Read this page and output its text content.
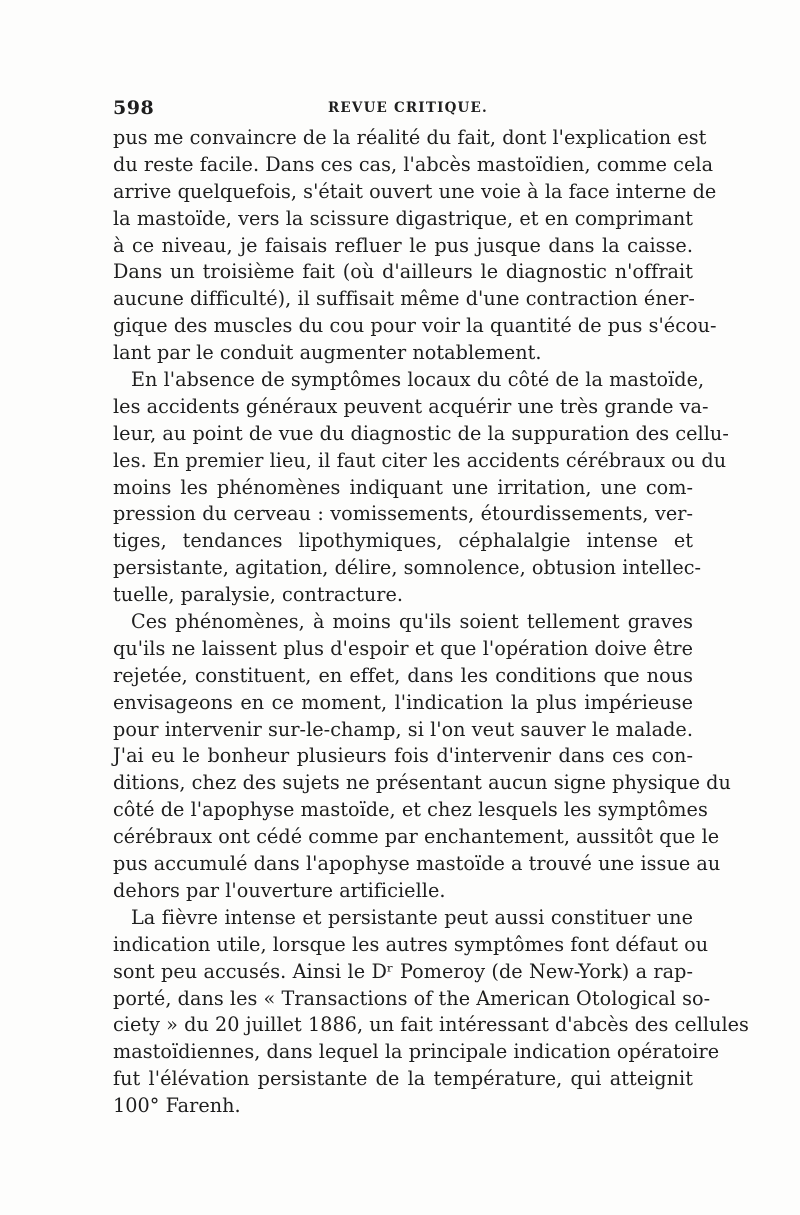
598	REVUE CRITIQUE.
pus me convaincre de la réalité du fait, dont l'explication est
du reste facile. Dans ces cas, l'abcès mastoïdien, comme cela
arrive quelquefois, s'était ouvert une voie à la face interne de
la mastoïde, vers la scissure digastrique, et en comprimant
à ce niveau, je faisais refluer le pus jusque dans la caisse.
Dans un troisième fait (où d'ailleurs le diagnostic n'offrait
aucune difficulté), il suffisait même d'une contraction éner-
gique des muscles du cou pour voir la quantité de pus s'écou-
lant par le conduit augmenter notablement.
En l'absence de symptômes locaux du côté de la mastoïde,
les accidents généraux peuvent acquérir une très grande va-
leur, au point de vue du diagnostic de la suppuration des cellu-
les. En premier lieu, il faut citer les accidents cérébraux ou du
moins les phénomènes indiquant une irritation, une com-
pression du cerveau : vomissements, étourdissements, ver-
tiges, tendances lipothymiques, céphalalgie intense et
persistante, agitation, délire, somnolence, obtusion intellec-
tuelle, paralysie, contracture.
Ces phénomènes, à moins qu'ils soient tellement graves
qu'ils ne laissent plus d'espoir et que l'opération doive être
rejetée, constituent, en effet, dans les conditions que nous
envisageons en ce moment, l'indication la plus impérieuse
pour intervenir sur-le-champ, si l'on veut sauver le malade.
J'ai eu le bonheur plusieurs fois d'intervenir dans ces con-
ditions, chez des sujets ne présentant aucun signe physique du
côté de l'apophyse mastoïde, et chez lesquels les symptômes
cérébraux ont cédé comme par enchantement, aussitôt que le
pus accumulé dans l'apophyse mastoïde a trouvé une issue au
dehors par l'ouverture artificielle.
La fièvre intense et persistante peut aussi constituer une
indication utile, lorsque les autres symptômes font défaut ou
sont peu accusés. Ainsi le Dʳ Pomeroy (de New-York) a rap-
porté, dans les « Transactions of the American Otological so-
ciety » du 20 juillet 1886, un fait intéressant d'abcès des cellules
mastoïdiennes, dans lequel la principale indication opératoire
fut l'élévation persistante de la température, qui atteignit
100° Farenh.
